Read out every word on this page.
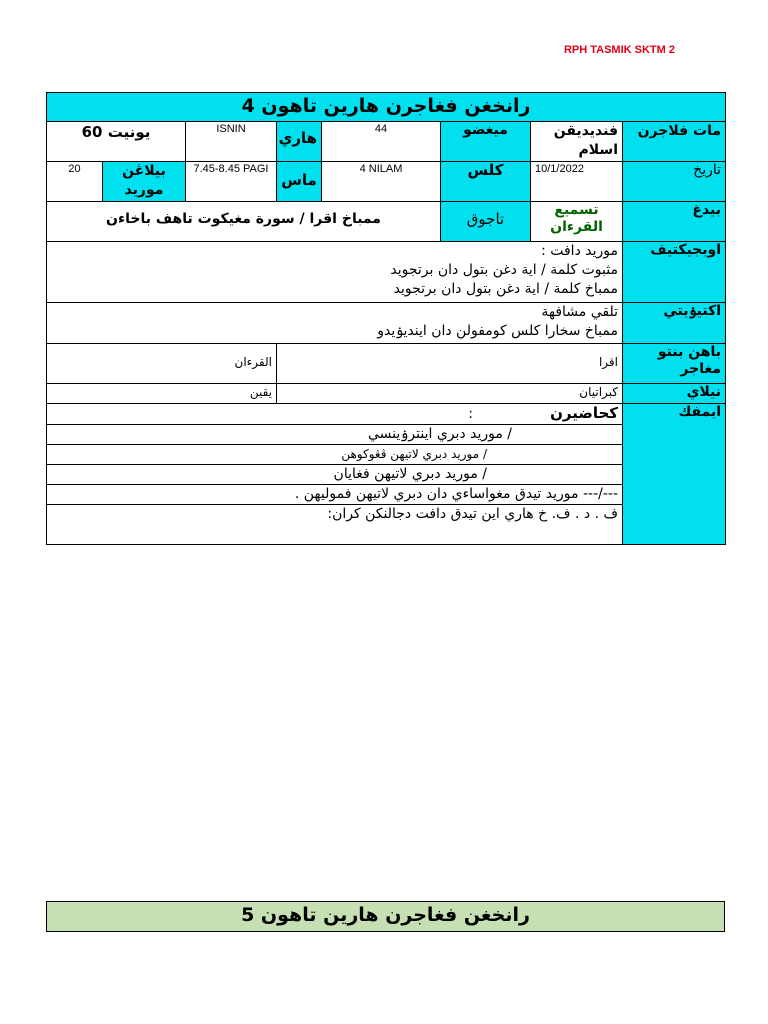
RPH TASMIK SKTM 2
رانخغن فغاجرن هارين تاهون 4							
يونيت 60		ISNIN	هاري	44	ميغضو	فنديديقن اسلام	مات فلاجرن
20	بيلاڠن موريد	7.45-8.45 PAGI	ماس	4 NILAM	کلس	10/1/2022	تاريخ
ممباخ اقرا / سورة مغيكوت تاهف باخاءن					تاجوق	تسميع القرءان	بيدغ

موريد دافت :
مثبوت كلمة / اية دغن بتول دان برتجويد
ممباخ كلمة / اية دغن بتول دان برتجويد							اوبجيكتيف

تلقي مشافهة
ممباخ سخارا كلس كومفولن دان اينديۏيدو							اكتيۏيتي
القرءان			اقرا				باهن بنتو مغاجر
يقين			كبراتيان				نيلاي
كحاضيرن :							ايمفك
/ موريد دبري اينترۏينسي							
/ موريد دبري لاتيهن ڤڠوكوهن							
/ موريد دبري لاتيهن فغايان							
---/--- موريد تيدق مغواساءي دان دبري لاتيهن فموليهن .							
ف . د . ف. خ هاري اين تيدق دافت دجالنكن كران:							
رانخغن فغاجرن هارين تاهون 5
